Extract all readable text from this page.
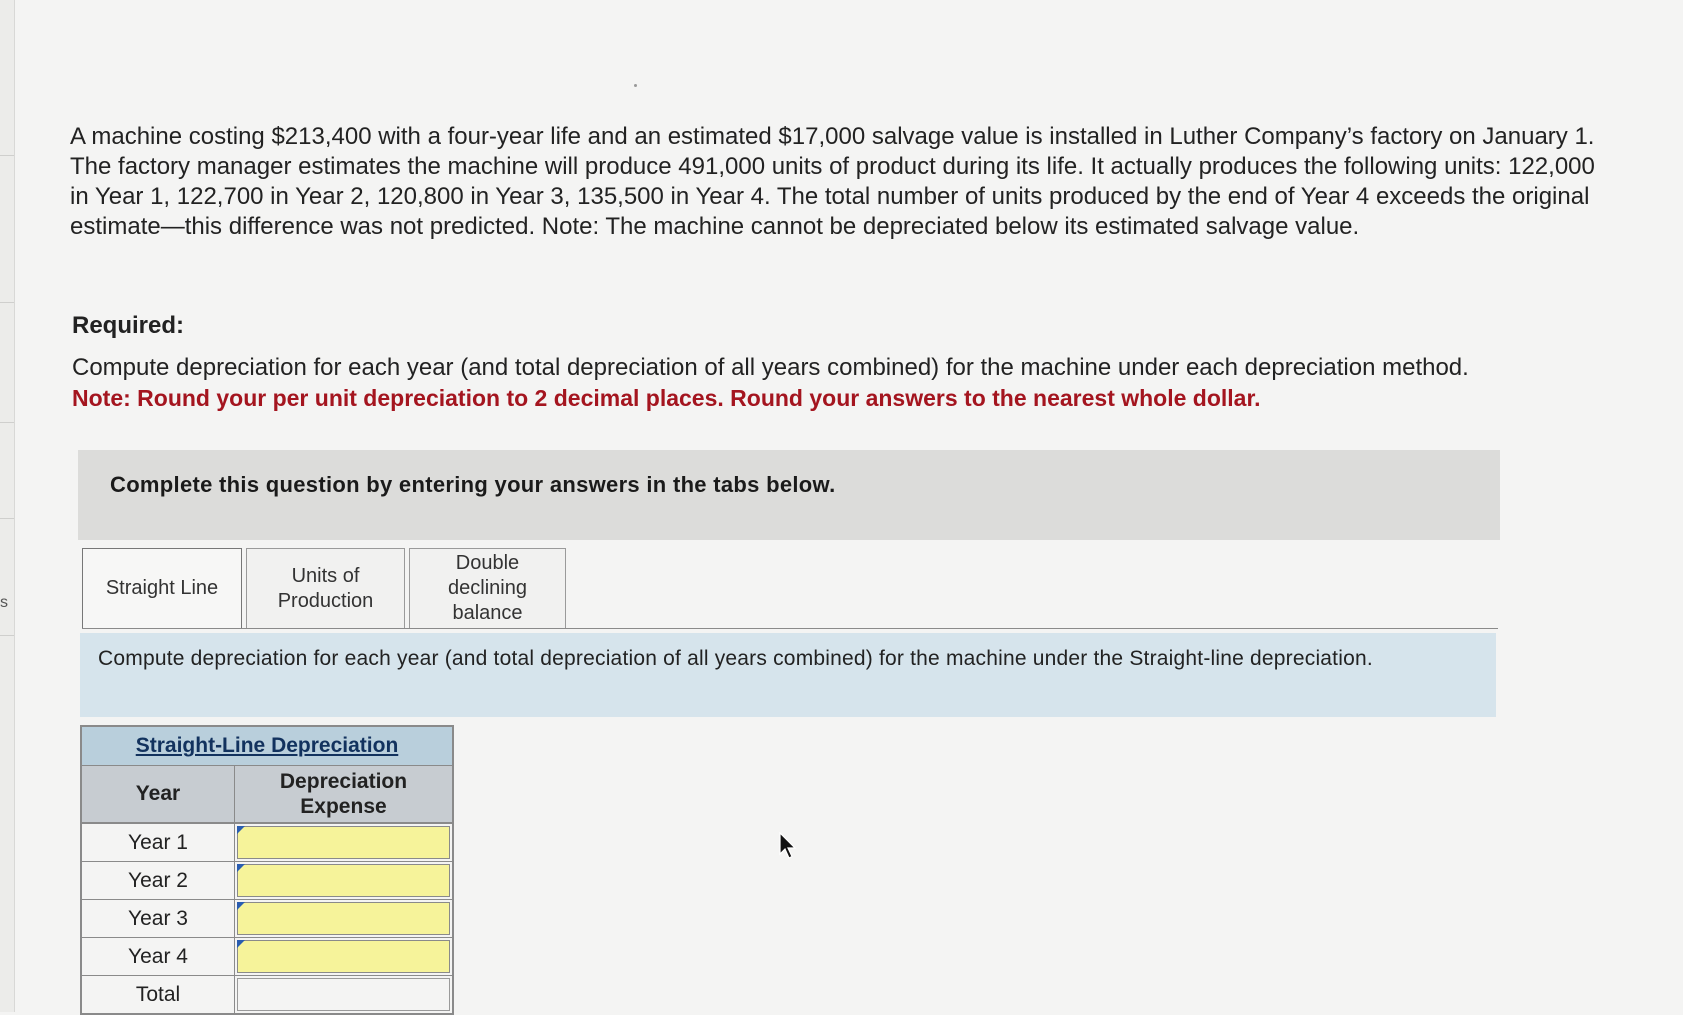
s
A machine costing $213,400 with a four-year life and an estimated $17,000 salvage value is installed in Luther Company’s factory on January 1. The factory manager estimates the machine will produce 491,000 units of product during its life. It actually produces the following units: 122,000 in Year 1, 122,700 in Year 2, 120,800 in Year 3, 135,500 in Year 4. The total number of units produced by the end of Year 4 exceeds the original estimate—this difference was not predicted. Note: The machine cannot be depreciated below its estimated salvage value.
Required:
Compute depreciation for each year (and total depreciation of all years combined) for the machine under each depreciation method.
Note: Round your per unit depreciation to 2 decimal places. Round your answers to the nearest whole dollar.
Complete this question by entering your answers in the tabs below.
Straight Line
Units of Production
Double declining balance
Compute depreciation for each year (and total depreciation of all years combined) for the machine under the Straight-line depreciation.
Straight-Line Depreciation
Year
Depreciation Expense
Year 1
Year 2
Year 3
Year 4
Total
